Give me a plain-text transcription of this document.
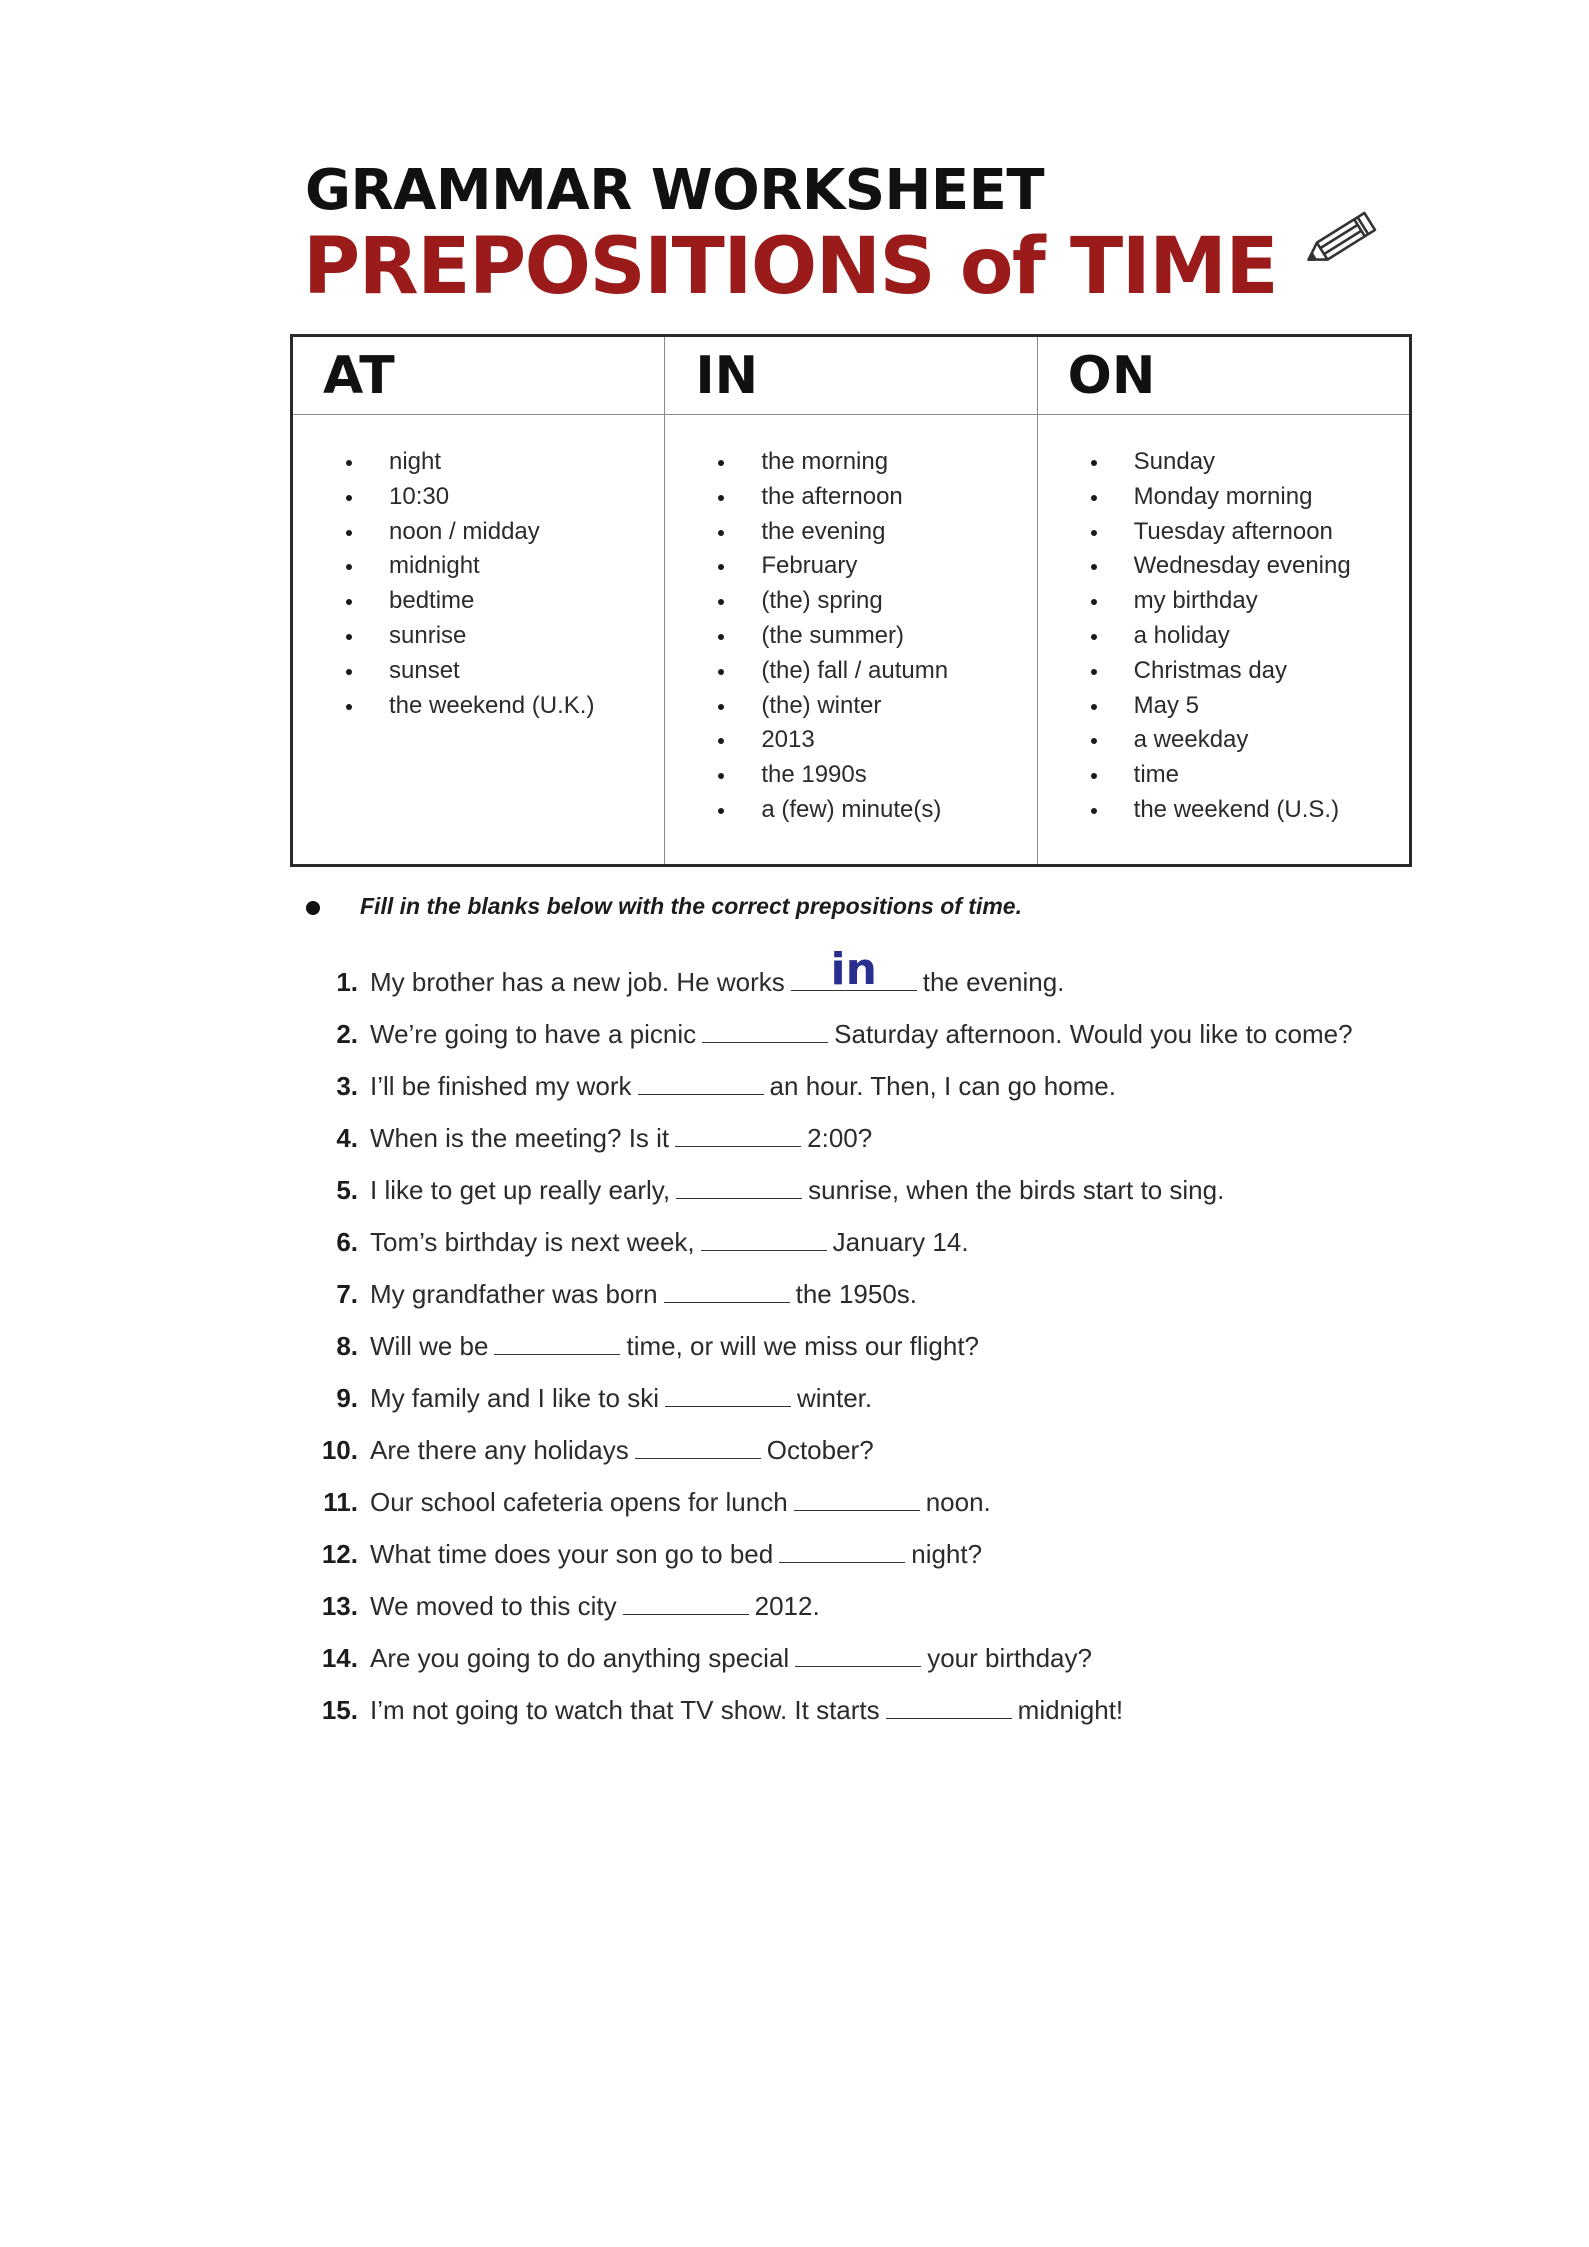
GRAMMAR WORKSHEET
PREPOSITIONS of TIME
AT
night
10:30
noon / midday
midnight
bedtime
sunrise
sunset
the weekend (U.K.)
IN
the morning
the afternoon
the evening
February
(the) spring
(the summer)
(the) fall / autumn
(the) winter
2013
the 1990s
a (few) minute(s)
ON
Sunday
Monday morning
Tuesday afternoon
Wednesday evening
my birthday
a holiday
Christmas day
May 5
a weekday
time
the weekend (U.S.)
Fill in the blanks below with the correct prepositions of time.
1. My brother has a new job. He works	in	the evening.
2. We’re going to have a picnic	Saturday afternoon. Would you like to come?
3. I’ll be finished my work	an hour. Then, I can go home.
4. When is the meeting? Is it	2:00?
5. I like to get up really early,	sunrise, when the birds start to sing.
6. Tom’s birthday is next week,	January 14.
7. My grandfather was born	the 1950s.
8. Will we be	time, or will we miss our flight?
9. My family and I like to ski	winter.
10. Are there any holidays	October?
11. Our school cafeteria opens for lunch	noon.
12. What time does your son go to bed	night?
13. We moved to this city	2012.
14. Are you going to do anything special	your birthday?
15. I’m not going to watch that TV show. It starts	midnight!
